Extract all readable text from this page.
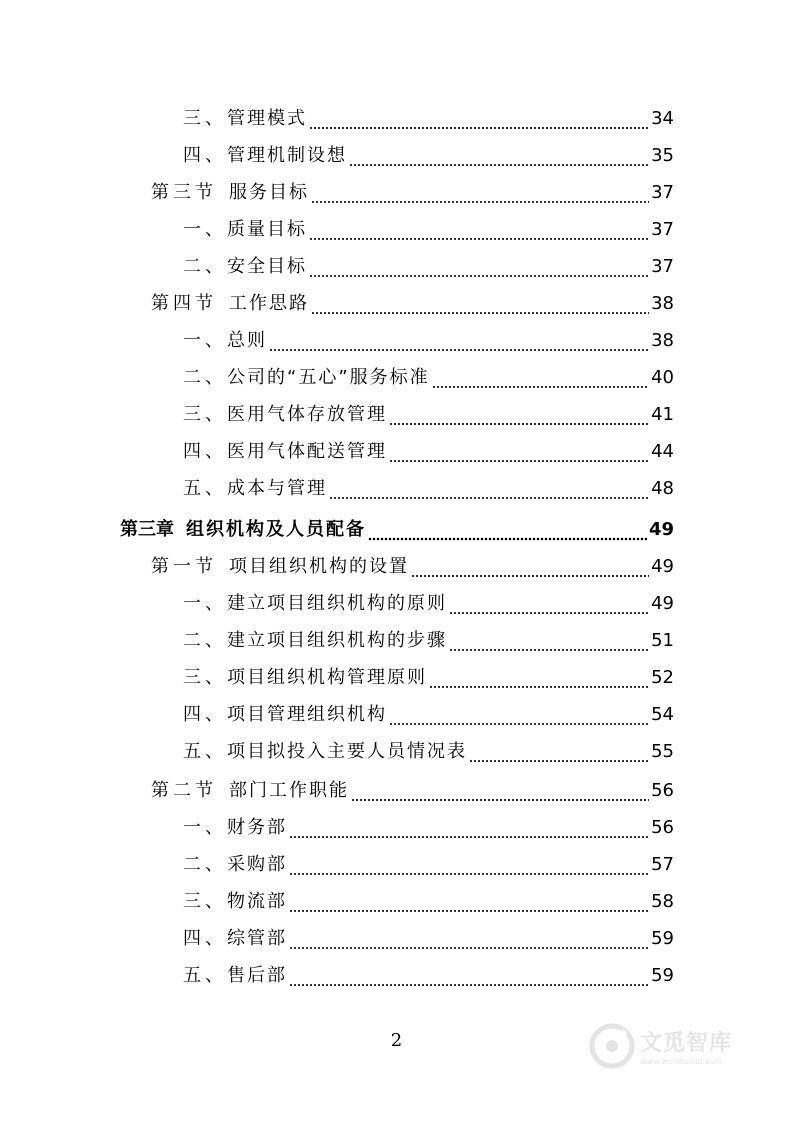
三、 管理模式	34
四、 管理机制设想	35
第三节 服务目标	37
一、 质量目标	37
二、 安全目标	37
第四节 工作思路	38
一、 总则	38
二、 公司的“五心”服务标准	40
三、 医用气体存放管理	41
四、 医用气体配送管理	44
五、 成本与管理	48
第三章 组织机构及人员配备	49
第一节 项目组织机构的设置	49
一、 建立项目组织机构的原则	49
二、 建立项目组织机构的步骤	51
三、 项目组织机构管理原则	52
四、 项目管理组织机构	54
五、 项目拟投入主要人员情况表	55
第二节 部门工作职能	56
一、 财务部	56
二、 采购部	57
三、 物流部	58
四、 综管部	59
五、 售后部	59
2	文觅智库
www.wenduolib.com
